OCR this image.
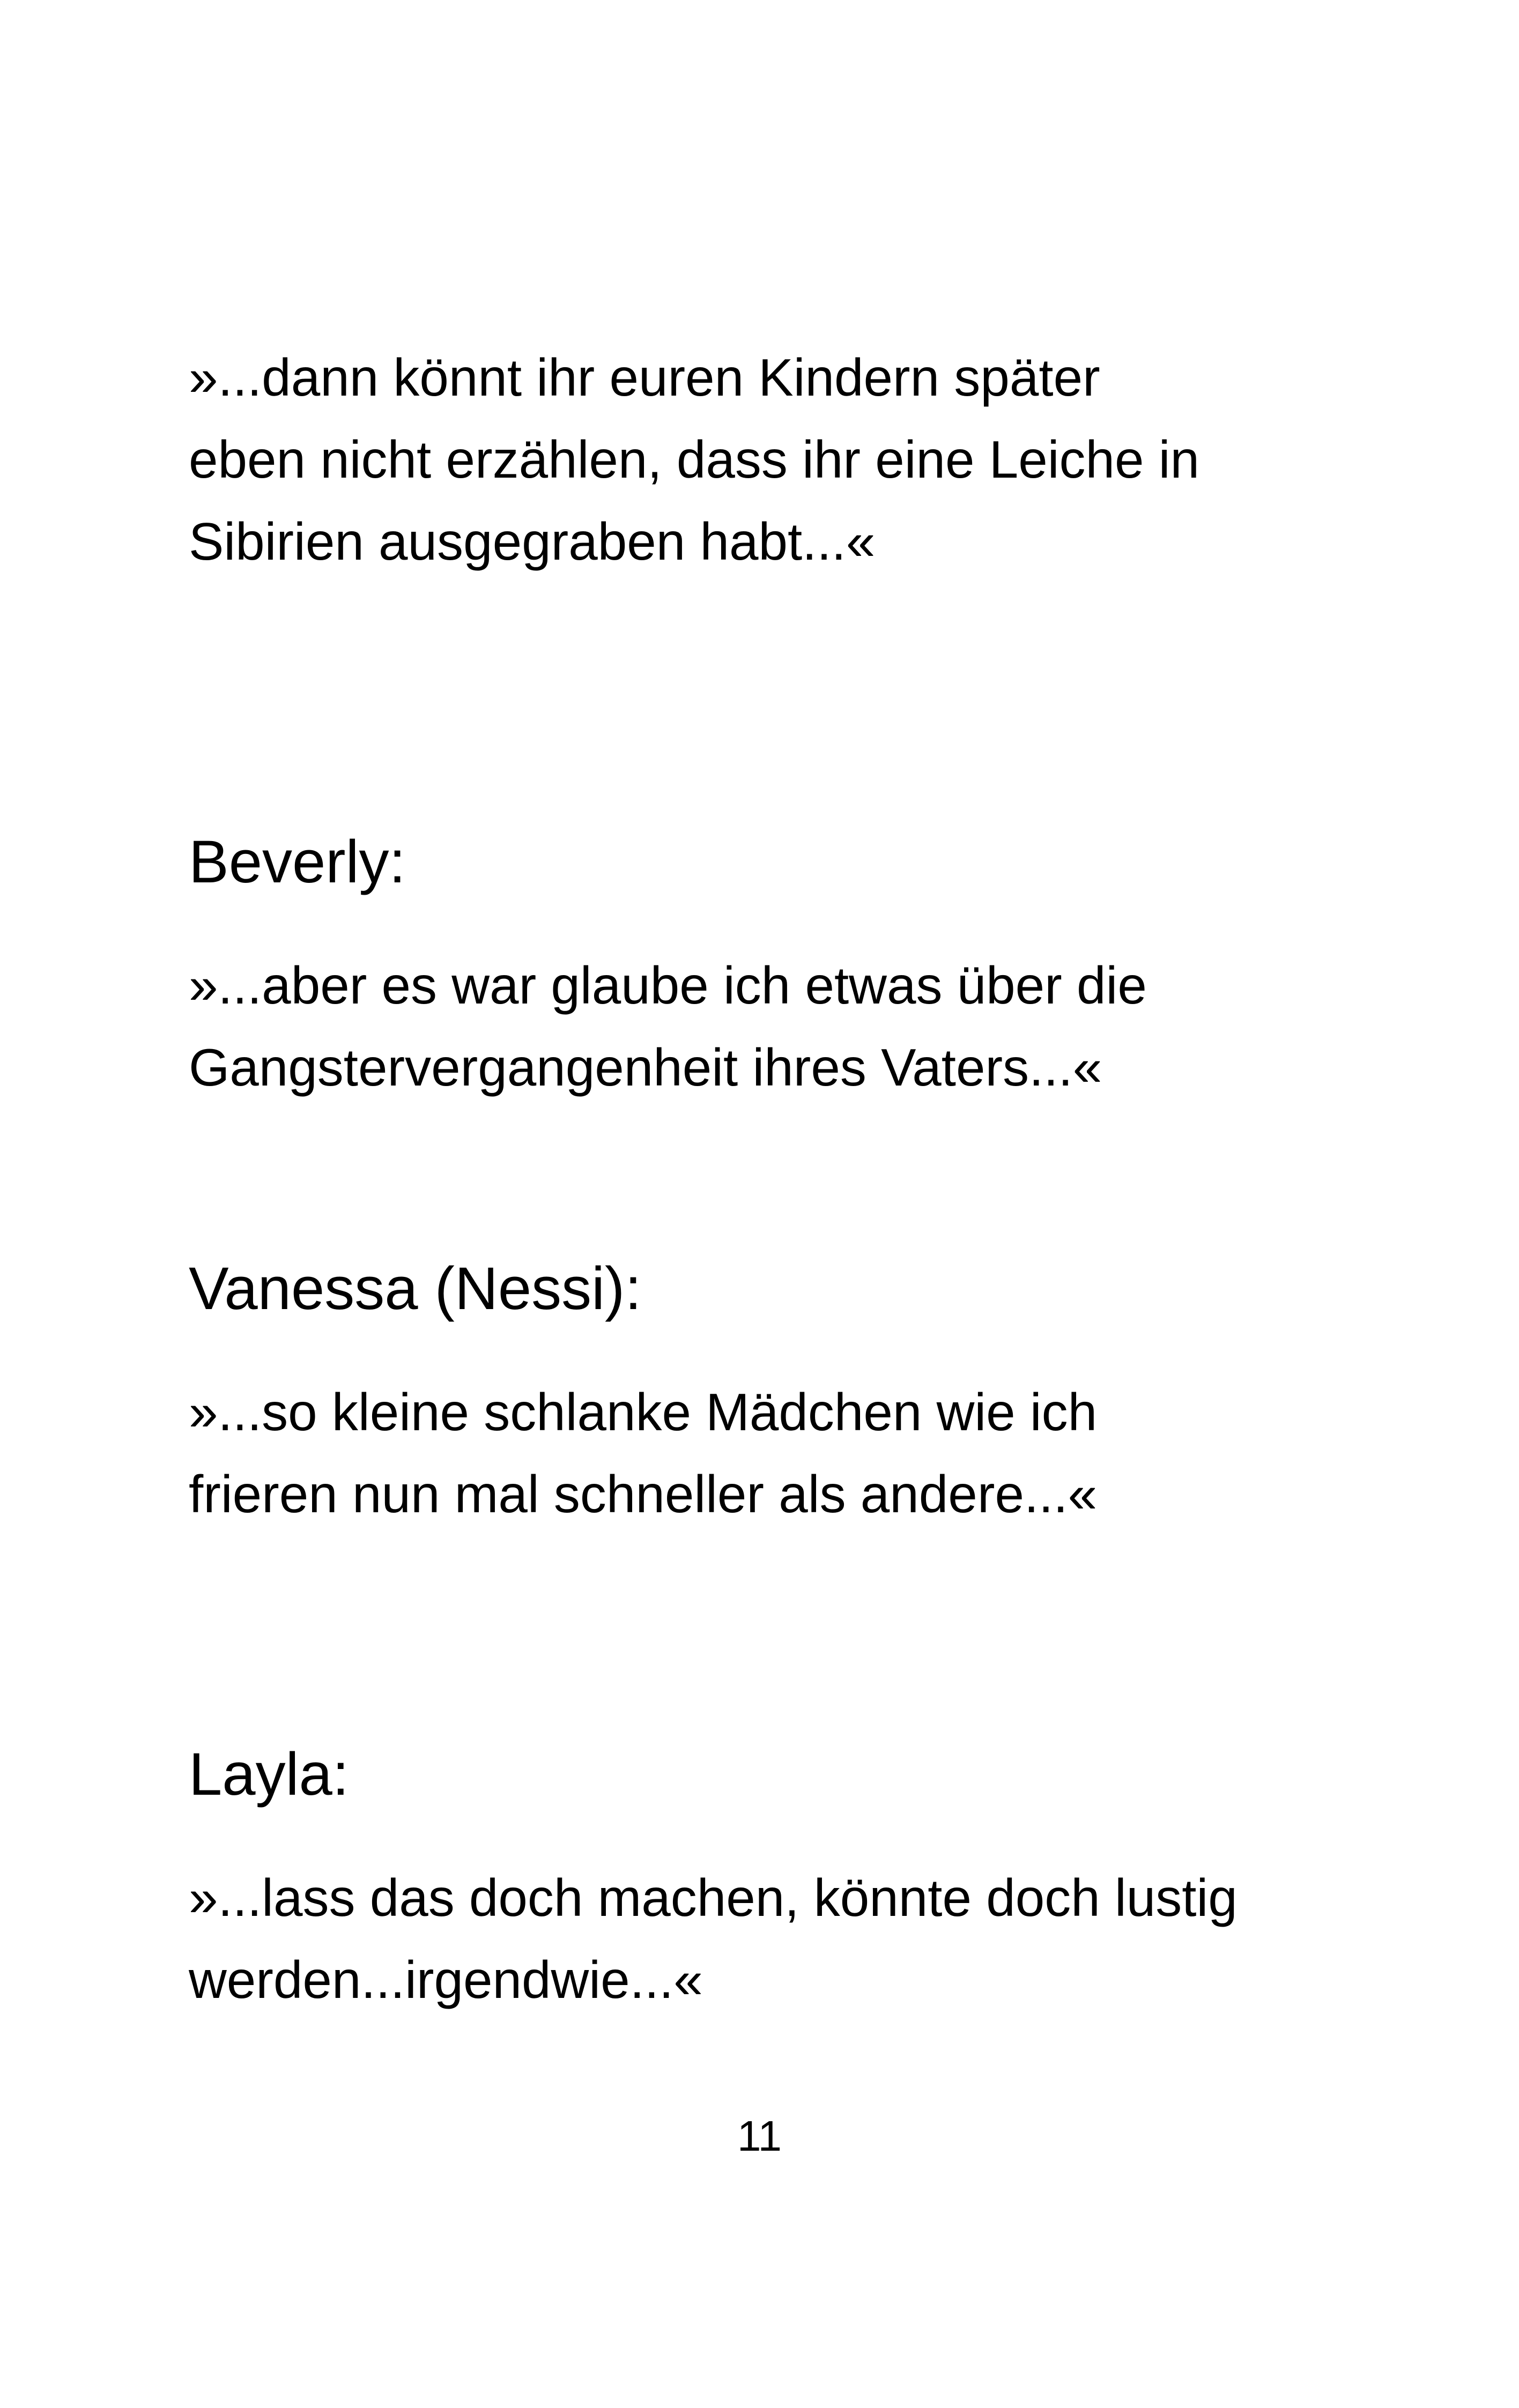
»...dann könnt ihr euren Kindern später

eben nicht erzählen, dass ihr eine Leiche in

Sibirien ausgegraben habt...«

Beverly:

»...aber es war glaube ich etwas über die

Gangstervergangenheit ihres Vaters...«

Vanessa (Nessi):

»...so kleine schlanke Mädchen wie ich

frieren nun mal schneller als andere...«

Layla:

»...lass das doch machen, könnte doch lustig

werden...irgendwie...«

11
